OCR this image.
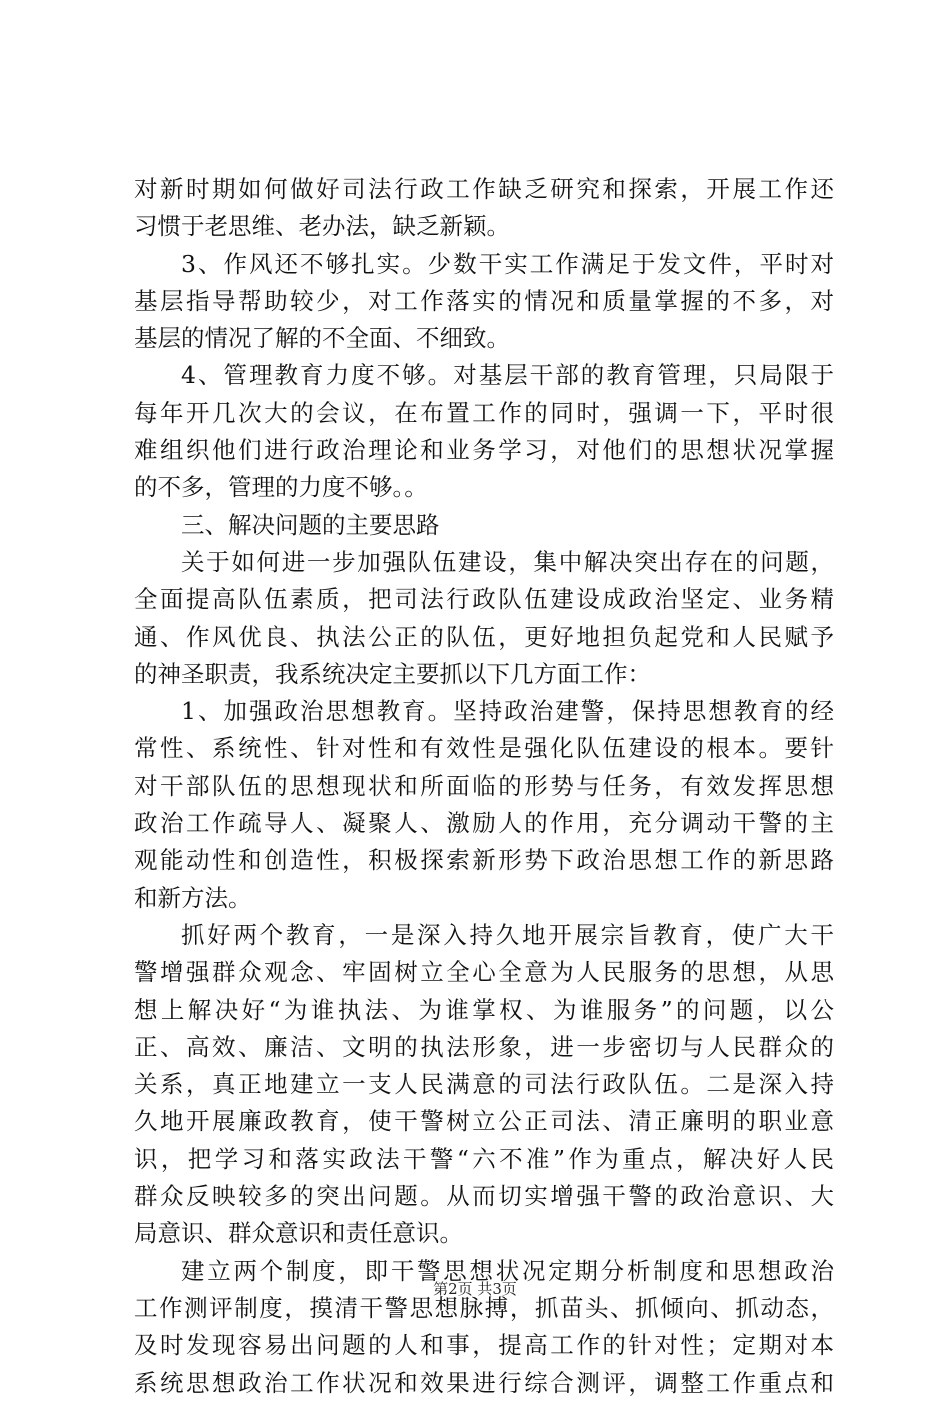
对新时期如何做好司法行政工作缺乏研究和探索，开展工作还
习惯于老思维、老办法，缺乏新颖。
3、作风还不够扎实。少数干实工作满足于发文件，平时对
基层指导帮助较少，对工作落实的情况和质量掌握的不多，对
基层的情况了解的不全面、不细致。
4、管理教育力度不够。对基层干部的教育管理，只局限于
每年开几次大的会议，在布置工作的同时，强调一下，平时很
难组织他们进行政治理论和业务学习，对他们的思想状况掌握
的不多，管理的力度不够。。
三、解决问题的主要思路
关于如何进一步加强队伍建设，集中解决突出存在的问题，
全面提高队伍素质，把司法行政队伍建设成政治坚定、业务精
通、作风优良、执法公正的队伍，更好地担负起党和人民赋予
的神圣职责，我系统决定主要抓以下几方面工作：
1、加强政治思想教育。坚持政治建警，保持思想教育的经
常性、系统性、针对性和有效性是强化队伍建设的根本。要针
对干部队伍的思想现状和所面临的形势与任务，有效发挥思想
政治工作疏导人、凝聚人、激励人的作用，充分调动干警的主
观能动性和创造性，积极探索新形势下政治思想工作的新思路
和新方法。
抓好两个教育，一是深入持久地开展宗旨教育，使广大干
警增强群众观念、牢固树立全心全意为人民服务的思想，从思
想上解决好“为谁执法、为谁掌权、为谁服务”的问题，以公
正、高效、廉洁、文明的执法形象，进一步密切与人民群众的
关系，真正地建立一支人民满意的司法行政队伍。二是深入持
久地开展廉政教育，使干警树立公正司法、清正廉明的职业意
识，把学习和落实政法干警“六不准”作为重点，解决好人民
群众反映较多的突出问题。从而切实增强干警的政治意识、大
局意识、群众意识和责任意识。
建立两个制度，即干警思想状况定期分析制度和思想政治
工作测评制度，摸清干警思想脉搏，抓苗头、抓倾向、抓动态，
及时发现容易出问题的人和事，提高工作的针对性；定期对本
系统思想政治工作状况和效果进行综合测评，调整工作重点和
第2页 共3页
